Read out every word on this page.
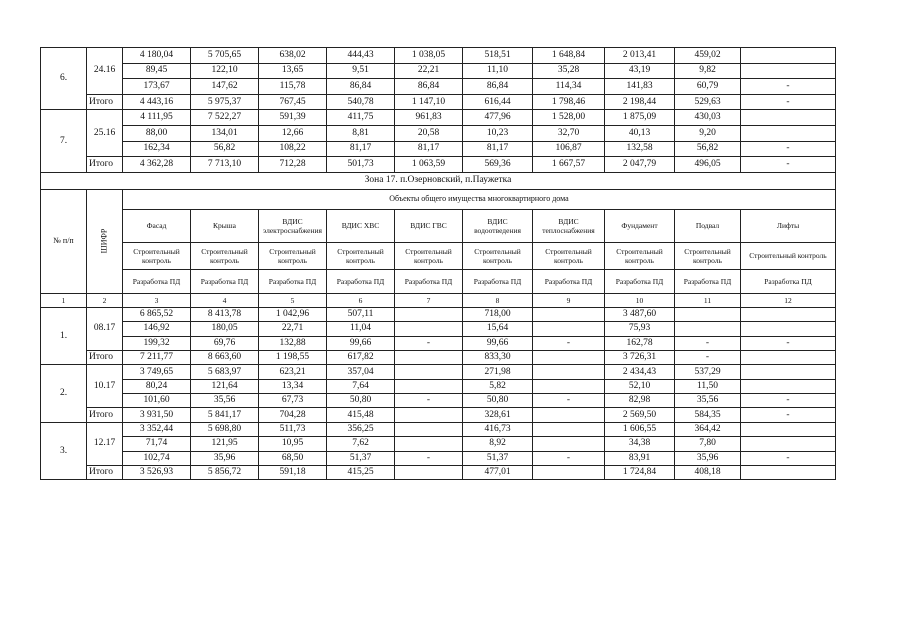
6.	24.16	4 180,04	5 705,65	638,02	444,43	1 038,05	518,51	1 648,84	2 013,41	459,02	
		89,45	122,10	13,65	9,51	22,21	11,10	35,28	43,19	9,82	
		173,67	147,62	115,78	86,84	86,84	86,84	114,34	141,83	60,79	-
	Итого	4 443,16	5 975,37	767,45	540,78	1 147,10	616,44	1 798,46	2 198,44	529,63	-
7.	25.16	4 111,95	7 522,27	591,39	411,75	961,83	477,96	1 528,00	1 875,09	430,03	
		88,00	134,01	12,66	8,81	20,58	10,23	32,70	40,13	9,20	
		162,34	56,82	108,22	81,17	81,17	81,17	106,87	132,58	56,82	-
	Итого	4 362,28	7 713,10	712,28	501,73	1 063,59	569,36	1 667,57	2 047,79	496,05	-
Зона 17. п.Озерновский, п.Паужетка											
№ п/п	ШИФР	Объекты общего имущества многоквартирного дома									
		Фасад	Крыша	ВДИС электроснабжения	ВДИС ХВС	ВДИС ГВС	ВДИС водоотведения	ВДИС теплоснабжения	Фундамент	Подвал	Лифты
		Строительный контроль	Строительный контроль	Строительный контроль	Строительный контроль	Строительный контроль	Строительный контроль	Строительный контроль	Строительный контроль	Строительный контроль	Строительный контроль
		Разработка ПД	Разработка ПД	Разработка ПД	Разработка ПД	Разработка ПД	Разработка ПД	Разработка ПД	Разработка ПД	Разработка ПД	Разработка ПД
1	2	3	4	5	6	7	8	9	10	11	12
1.	08.17	6 865,52	8 413,78	1 042,96	507,11		718,00		3 487,60		
		146,92	180,05	22,71	11,04		15,64		75,93		
		199,32	69,76	132,88	99,66	-	99,66	-	162,78	-	-
	Итого	7 211,77	8 663,60	1 198,55	617,82		833,30		3 726,31	-	
2.	10.17	3 749,65	5 683,97	623,21	357,04		271,98		2 434,43	537,29	
		80,24	121,64	13,34	7,64		5,82		52,10	11,50	
		101,60	35,56	67,73	50,80	-	50,80	-	82,98	35,56	-
	Итого	3 931,50	5 841,17	704,28	415,48		328,61		2 569,50	584,35	-
3.	12.17	3 352,44	5 698,80	511,73	356,25		416,73		1 606,55	364,42	
		71,74	121,95	10,95	7,62		8,92		34,38	7,80	
		102,74	35,96	68,50	51,37	-	51,37	-	83,91	35,96	-
	Итого	3 526,93	5 856,72	591,18	415,25		477,01		1 724,84	408,18	
